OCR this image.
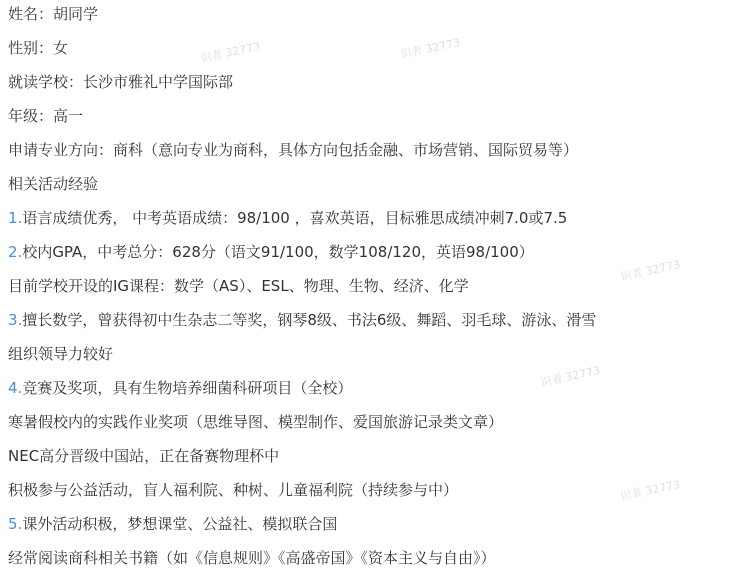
姓名：胡同学
性别：女
就读学校：长沙市雅礼中学国际部
年级：高一
申请专业方向：商科（意向专业为商科，具体方向包括金融、市场营销、国际贸易等）
相关活动经验
1.语言成绩优秀， 中考英语成绩：98/100 ，喜欢英语，目标雅思成绩冲刺7.0或7.5
2.校内GPA，中考总分：628分（语文91/100，数学108/120，英语98/100）
目前学校开设的IG课程：数学（AS）、ESL、物理、生物、经济、化学
3.擅长数学，曾获得初中生杂志二等奖，钢琴8级、书法6级、舞蹈、羽毛球、游泳、滑雪
组织领导力较好
4.竞赛及奖项，具有生物培养细菌科研项目（全校）
寒暑假校内的实践作业奖项（思维导图、模型制作、爱国旅游记录类文章）
NEC高分晋级中国站，正在备赛物理杯中
积极参与公益活动，盲人福利院、种树、儿童福利院（持续参与中）
5.课外活动积极，梦想课堂、公益社、模拟联合国
经常阅读商科相关书籍（如《信息规则》《高盛帝国》《资本主义与自由》）
识者 32773	识者 32773
识者 32773
识者 32773
识者 32773
